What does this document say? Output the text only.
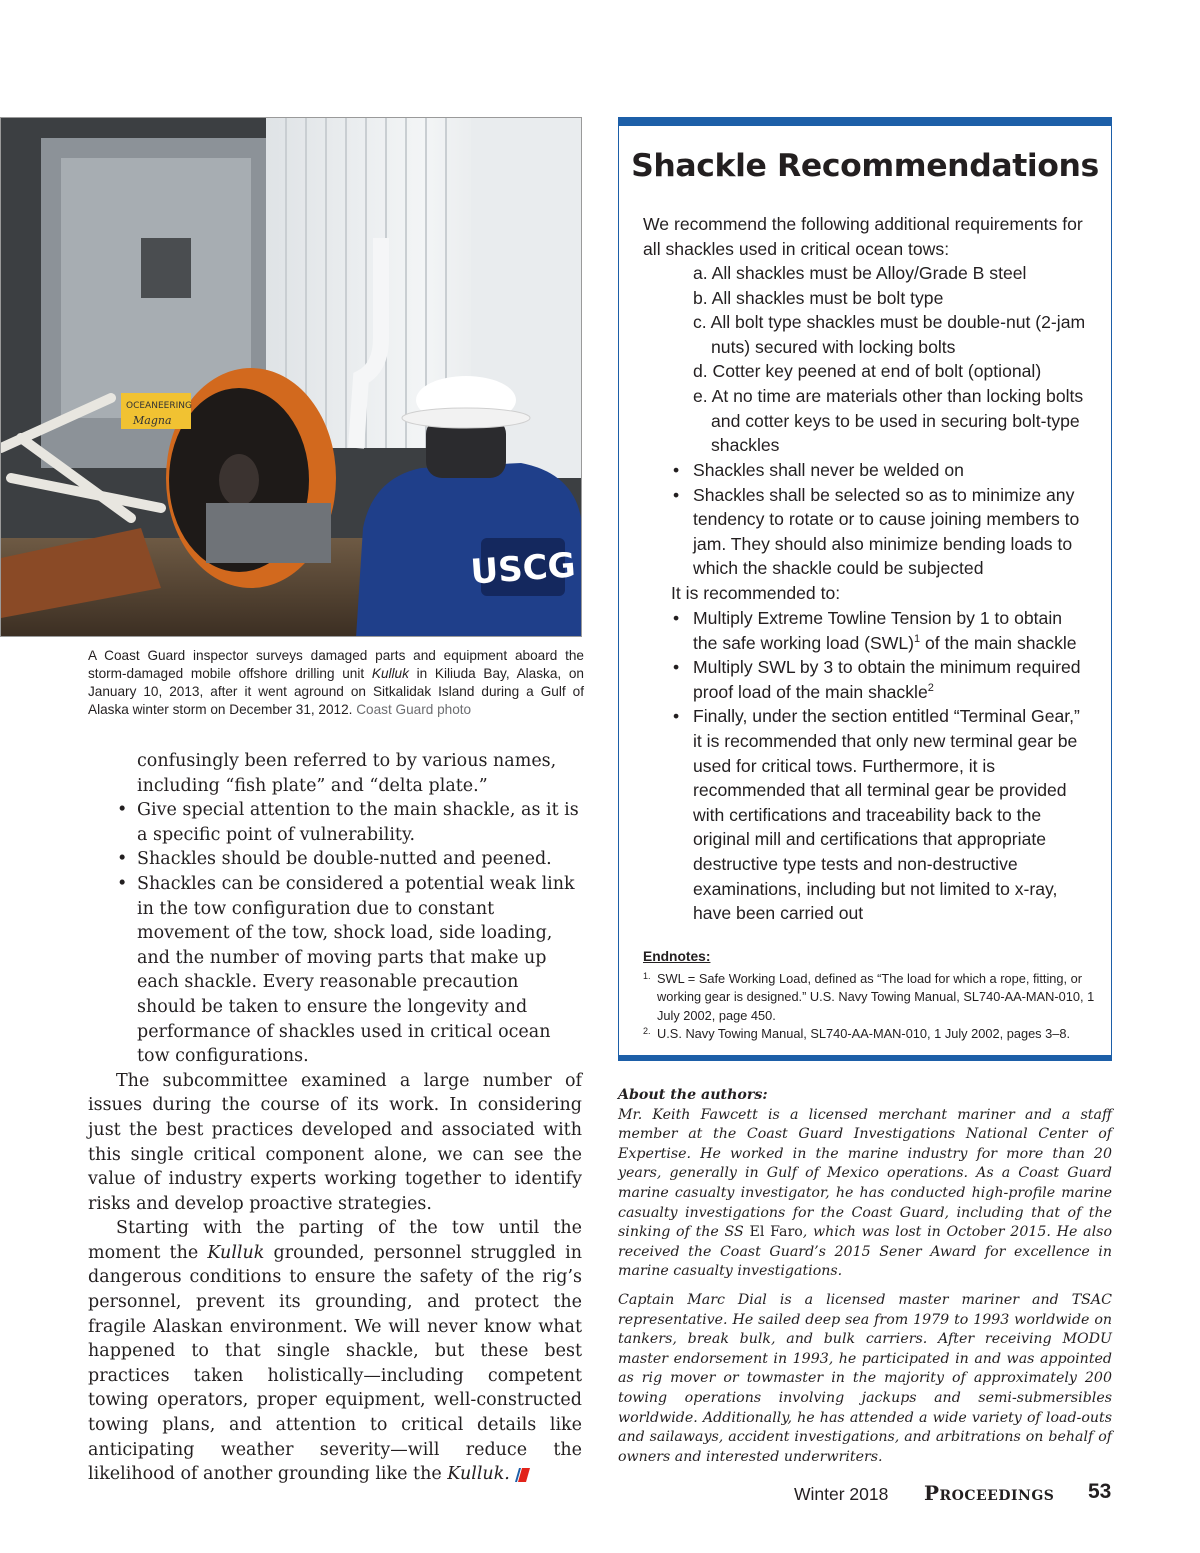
OCEANEERING
Magna
USCG
A Coast Guard inspector surveys damaged parts and equipment aboard the storm-damaged mobile offshore drilling unit Kulluk in Kiliuda Bay, Alaska, on January 10, 2013, after it went aground on Sitkalidak Island during a Gulf of Alaska winter storm on December 31, 2012. Coast Guard photo
confusingly been referred to by various names, including “fish plate” and “delta plate.”
• Give special attention to the main shackle, as it is a specific point of vulnerability.
• Shackles should be double-nutted and peened.
• Shackles can be considered a potential weak link in the tow configuration due to constant movement of the tow, shock load, side loading, and the number of moving parts that make up each shackle. Every reasonable precaution should be taken to ensure the longevity and performance of shackles used in critical ocean tow configurations.

The subcommittee examined a large number of issues during the course of its work. In considering just the best practices developed and associated with this single critical component alone, we can see the value of industry experts working together to identify risks and develop proactive strategies.

Starting with the parting of the tow until the moment the Kulluk grounded, personnel struggled in dangerous conditions to ensure the safety of the rig’s personnel, prevent its grounding, and protect the fragile Alaskan environment. We will never know what happened to that single shackle, but these best practices taken holistically—including competent towing operators, proper equipment, well-constructed towing plans, and attention to critical details like anticipating weather severity—will reduce the likelihood of another grounding like the Kulluk.

Shackle Recommendations
We recommend the following additional requirements for all shackles used in critical ocean tows:
a. All shackles must be Alloy/Grade B steel
b. All shackles must be bolt type
c. All bolt type shackles must be double-nut (2-jam nuts) secured with locking bolts
d. Cotter key peened at end of bolt (optional)
e. At no time are materials other than locking bolts and cotter keys to be used in securing bolt-type shackles
• Shackles shall never be welded on
• Shackles shall be selected so as to minimize any tendency to rotate or to cause joining members to jam. They should also minimize bending loads to which the shackle could be subjected
It is recommended to:
• Multiply Extreme Towline Tension by 1 to obtain the safe working load (SWL)$^1$ of the main shackle
• Multiply SWL by 3 to obtain the minimum required proof load of the main shackle$^2$
• Finally, under the section entitled “Terminal Gear,” it is recommended that only new terminal gear be used for critical tows. Furthermore, it is recommended that all terminal gear be provided with certifications and traceability back to the original mill and certifications that appropriate destructive type tests and non-destructive examinations, including but not limited to x-ray, have been carried out
Endnotes:
1. SWL = Safe Working Load, defined as “The load for which a rope, fitting, or working gear is designed.” U.S. Navy Towing Manual, SL740-AA-MAN-010, 1 July 2002, page 450.
2. U.S. Navy Towing Manual, SL740-AA-MAN-010, 1 July 2002, pages 3–8.
About the authors:

Mr. Keith Fawcett is a licensed merchant mariner and a staff member at the Coast Guard Investigations National Center of Expertise. He worked in the marine industry for more than 20 years, generally in Gulf of Mexico operations. As a Coast Guard marine casualty investigator, he has conducted high-profile marine casualty investigations for the Coast Guard, including that of the sinking of the SS El Faro, which was lost in October 2015. He also received the Coast Guard’s 2015 Sener Award for excellence in marine casualty investigations.

Captain Marc Dial is a licensed master mariner and TSAC representative. He sailed deep sea from 1979 to 1993 worldwide on tankers, break bulk, and bulk carriers. After receiving MODU master endorsement in 1993, he participated in and was appointed as rig mover or towmaster in the majority of approximately 200 towing operations involving jackups and semi-submersibles worldwide. Additionally, he has attended a wide variety of load-outs and sailaways, accident investigations, and arbitrations on behalf of owners and interested underwriters.

Winter 2018 Proceedings 53
